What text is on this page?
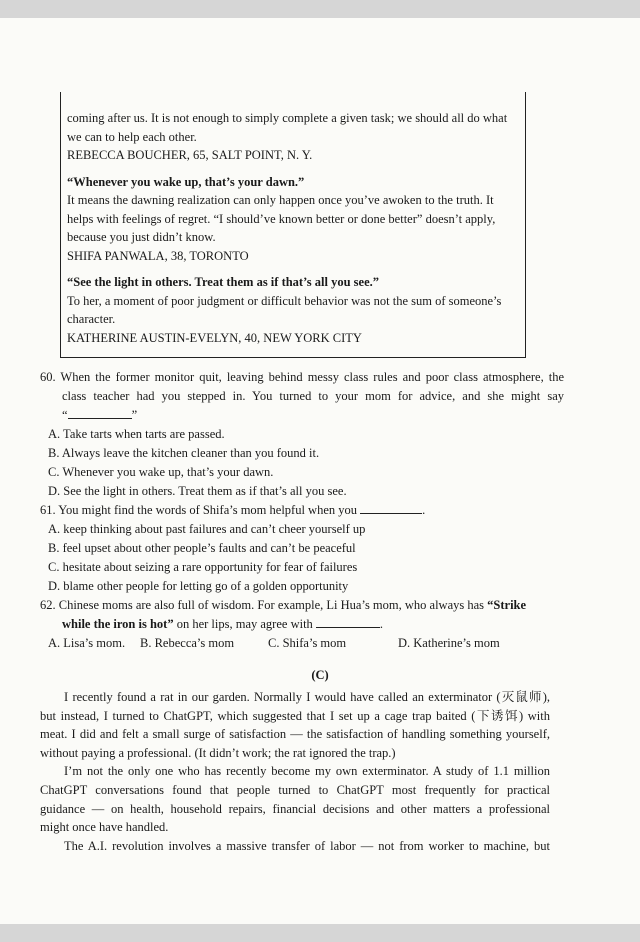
coming after us. It is not enough to simply complete a given task; we should all do what
we can to help each other.
REBECCA BOUCHER, 65, SALT POINT, N. Y.
“Whenever you wake up, that’s your dawn.”
It means the dawning realization can only happen once you’ve awoken to the truth. It
helps with feelings of regret. “I should’ve known better or done better” doesn’t apply,
because you just didn’t know.
SHIFA PANWALA, 38, TORONTO
“See the light in others. Treat them as if that’s all you see.”
To her, a moment of poor judgment or difficult behavior was not the sum of someone’s
character.
KATHERINE AUSTIN-EVELYN, 40, NEW YORK CITY
60. When the former monitor quit, leaving behind messy class rules and poor class atmosphere, the
class teacher had you stepped in. You turned to your mom for advice, and she might say
“	”
A. Take tarts when tarts are passed.
B. Always leave the kitchen cleaner than you found it.
C. Whenever you wake up, that’s your dawn.
D. See the light in others. Treat them as if that’s all you see.
61. You might find the words of Shifa’s mom helpful when you	.
A. keep thinking about past failures and can’t cheer yourself up
B. feel upset about other people’s faults and can’t be peaceful
C. hesitate about seizing a rare opportunity for fear of failures
D. blame other people for letting go of a golden opportunity
62. Chinese moms are also full of wisdom. For example, Li Hua’s mom, who always has “Strike
while the iron is hot” on her lips, may agree with	.
A. Lisa’s mom.	B. Rebecca’s mom	C. Shifa’s mom	D. Katherine’s mom
(C)
I recently found a rat in our garden. Normally I would have called an exterminator (灭鼠师),
but instead, I turned to ChatGPT, which suggested that I set up a cage trap baited (下诱饵) with
meat. I did and felt a small surge of satisfaction — the satisfaction of handling something yourself,
without paying a professional. (It didn’t work; the rat ignored the trap.)
I’m not the only one who has recently become my own exterminator. A study of 1.1 million
ChatGPT conversations found that people turned to ChatGPT most frequently for practical
guidance — on health, household repairs, financial decisions and other matters a professional
might once have handled.
The A.I. revolution involves a massive transfer of labor — not from worker to machine, but
